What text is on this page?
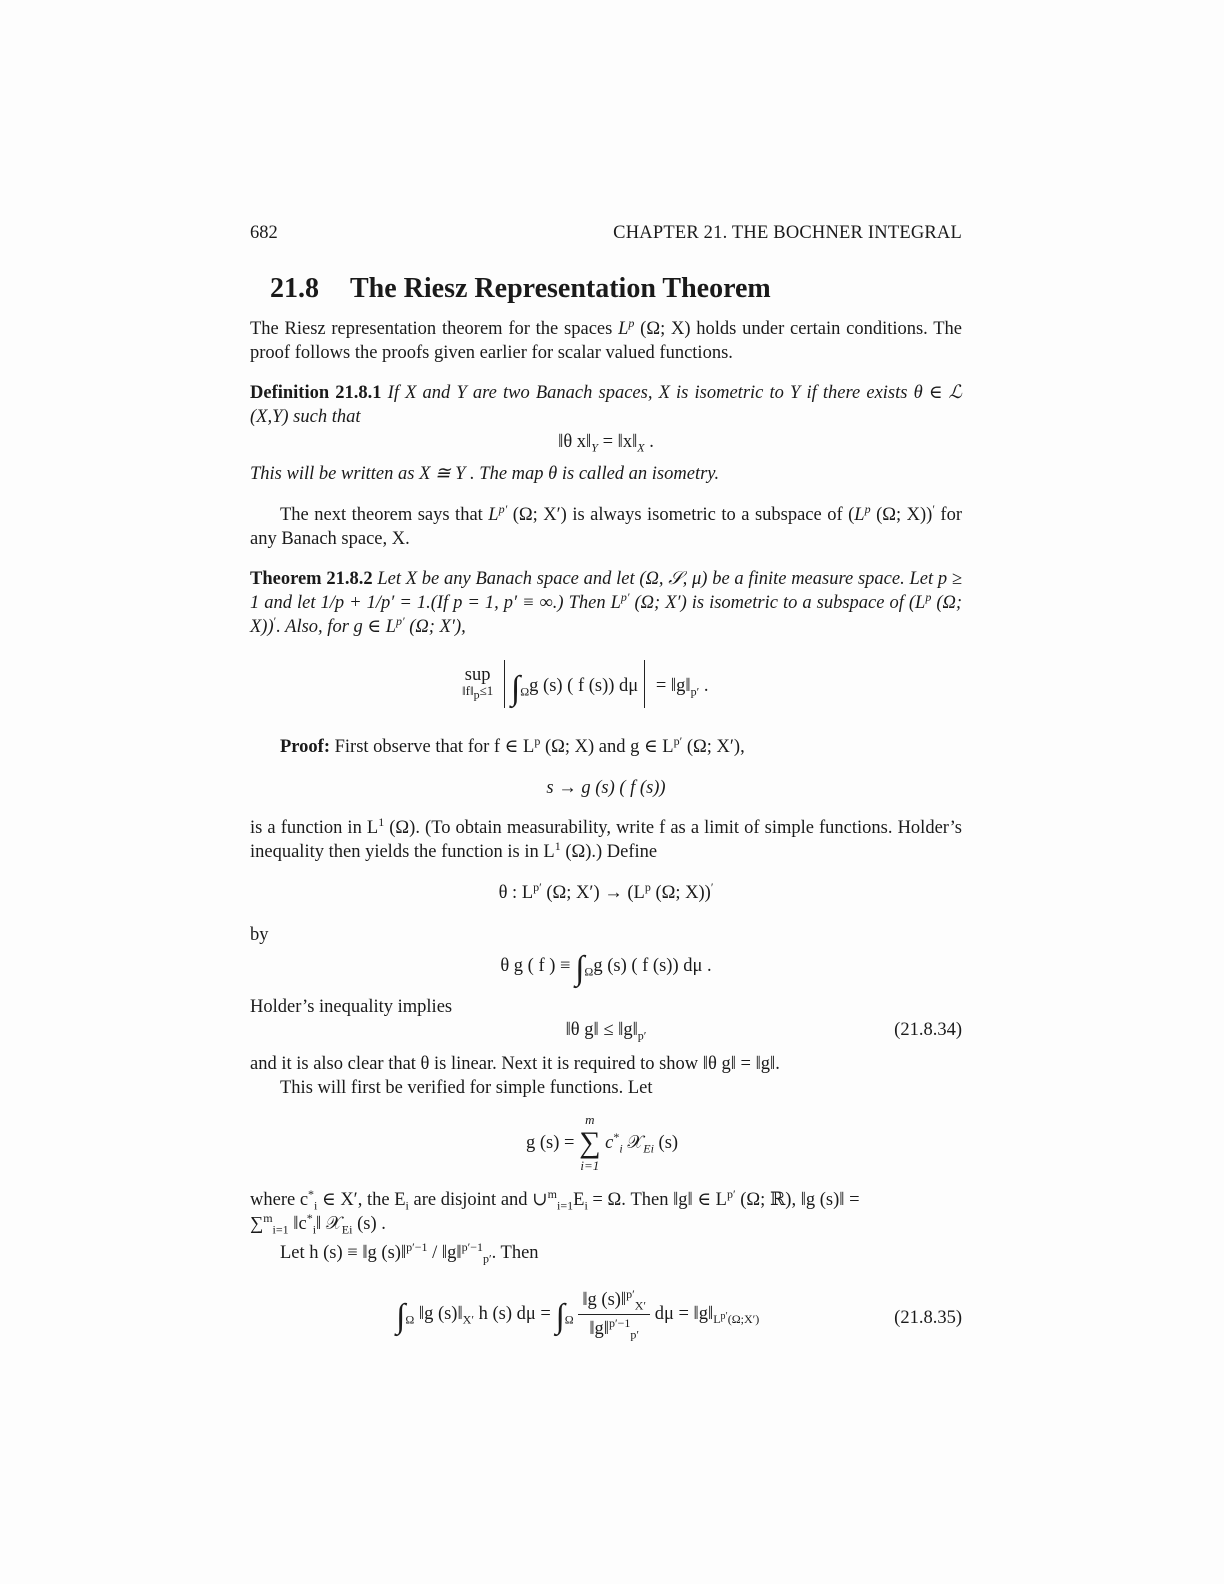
682	CHAPTER 21. THE BOCHNER INTEGRAL
21.8 The Riesz Representation Theorem
The Riesz representation theorem for the spaces $L^p$ (Ω; X) holds under certain conditions. The proof follows the proofs given earlier for scalar valued functions.
Definition 21.8.1 If X and Y are two Banach spaces, X is isometric to Y if there exists θ ∈ ℒ (X,Y) such that
‖θ $x‖_Y$ = $‖x‖_X$ .
This will be written as X ≅ Y . The map θ is called an isometry.
The next theorem says that $L^{p'}$ (Ω; X′) is always isometric to a subspace of ($L^p$ (Ω; X))′ for any Banach space, X.
Theorem 21.8.2 Let X be any Banach space and let (Ω, 𝒮, μ) be a finite measure space. Let p ≥ 1 and let 1/p + 1/p′ = 1.(If p = 1, p′ ≡ ∞.) Then $L^{p'}$ (Ω; X′) is isometric to a subspace of ($L^p$ (Ω; X))′. Also, for g ∈ $L^{p'}$ (Ω; X′),
sup
$‖f‖_p\le 1$ $\int_\Omega g$ (s) ( f (s)) $d\mu = ‖g‖_{p'}$ .
Proof: First observe that for f ∈ $L^p$ (Ω; X) and g ∈ $L^{p'}$ (Ω; X′),
s → g (s) ( f (s))
is a function in $L^1$ (Ω). (To obtain measurability, write f as a limit of simple functions. Holder’s inequality then yields the function is in $L^1$ (Ω).) Define
θ : $L^{p'}$ (Ω; $X') \to (L^p$ (Ω; X))′
by
θ g ( f ) ≡ $\int_\Omega g$ (s) ( f (s)) dμ .
Holder’s inequality implies
‖θ g‖ ≤ $‖g‖_{p'}$	(21.8.34)
and it is also clear that θ is linear. Next it is required to show ‖θ g‖ = ‖g‖.
This will first be verified for simple functions. Let
g (s) =
m
∑
i=1
$c^*_i$ 𝒳$_{Ei}$ (s)
where $c^*_i$ ∈ X′, the $E_i$ are disjoint and $\cup^m_{i=1}E_i = \Omega$. Then ‖g‖ ∈ $L^{p'}$ (Ω; ℝ), ‖g (s)‖ =
∑$^m_{i=1}$ $‖c^*_i‖$ 𝒳$_{Ei}$ (s) .
Let h (s) ≡ ‖g (s)‖$^{p'-1}$ / ‖g‖$^{p'-1}_{p'}$. Then
$\int_\Omega$ ‖g $(s)‖_{X'}$ h (s) $d\mu = \int_\Omega \frac{‖g (s)‖^{p'}_{X'}}{‖g‖^{p'-1}_{p'}}$ $d\mu = ‖g‖_{L^{p'}(\Omega;X')}$	(21.8.35)
